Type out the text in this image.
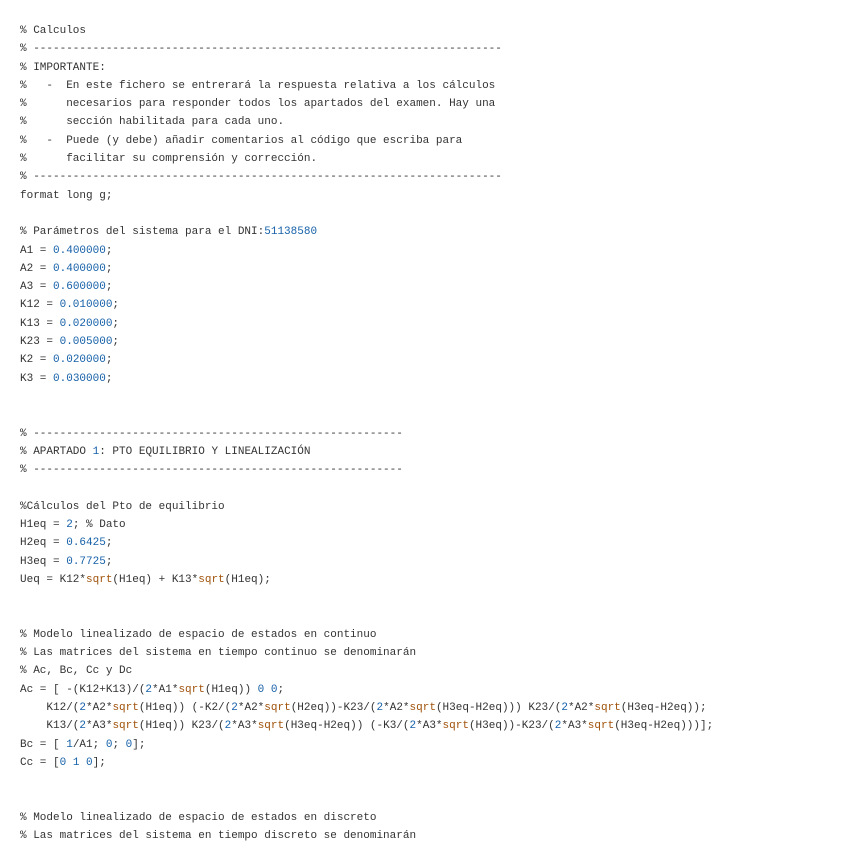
% Calculos
% -----------------------------------------------------------------------
% IMPORTANTE:
%   -  En este fichero se entrerará la respuesta relativa a los cálculos
%      necesarios para responder todos los apartados del examen. Hay una
%      sección habilitada para cada uno.
%   -  Puede (y debe) añadir comentarios al código que escriba para
%      facilitar su comprensión y corrección.
% -----------------------------------------------------------------------
format long g;
% Parámetros del sistema para el DNI:51138580
A1 = 0.400000;
A2 = 0.400000;
A3 = 0.600000;
K12 = 0.010000;
K13 = 0.020000;
K23 = 0.005000;
K2 = 0.020000;
K3 = 0.030000;
% --------------------------------------------------------
% APARTADO 1: PTO EQUILIBRIO Y LINEALIZACIÓN
% --------------------------------------------------------
%Cálculos del Pto de equilibrio
H1eq = 2; % Dato
H2eq = 0.6425;
H3eq = 0.7725;
Ueq = K12*sqrt(H1eq) + K13*sqrt(H1eq);
% Modelo linealizado de espacio de estados en continuo
% Las matrices del sistema en tiempo continuo se denominarán
% Ac, Bc, Cc y Dc
Ac = [ -(K12+K13)/(2*A1*sqrt(H1eq)) 0 0;
K12/(2*A2*sqrt(H1eq)) (-K2/(2*A2*sqrt(H2eq))-K23/(2*A2*sqrt(H3eq-H2eq))) K23/(2*A2*sqrt(H3eq-H2eq));
K13/(2*A3*sqrt(H1eq)) K23/(2*A3*sqrt(H3eq-H2eq)) (-K3/(2*A3*sqrt(H3eq))-K23/(2*A3*sqrt(H3eq-H2eq)))];
Bc = [ 1/A1; 0; 0];
Cc = [0 1 0];
% Modelo linealizado de espacio de estados en discreto
% Las matrices del sistema en tiempo discreto se denominarán
